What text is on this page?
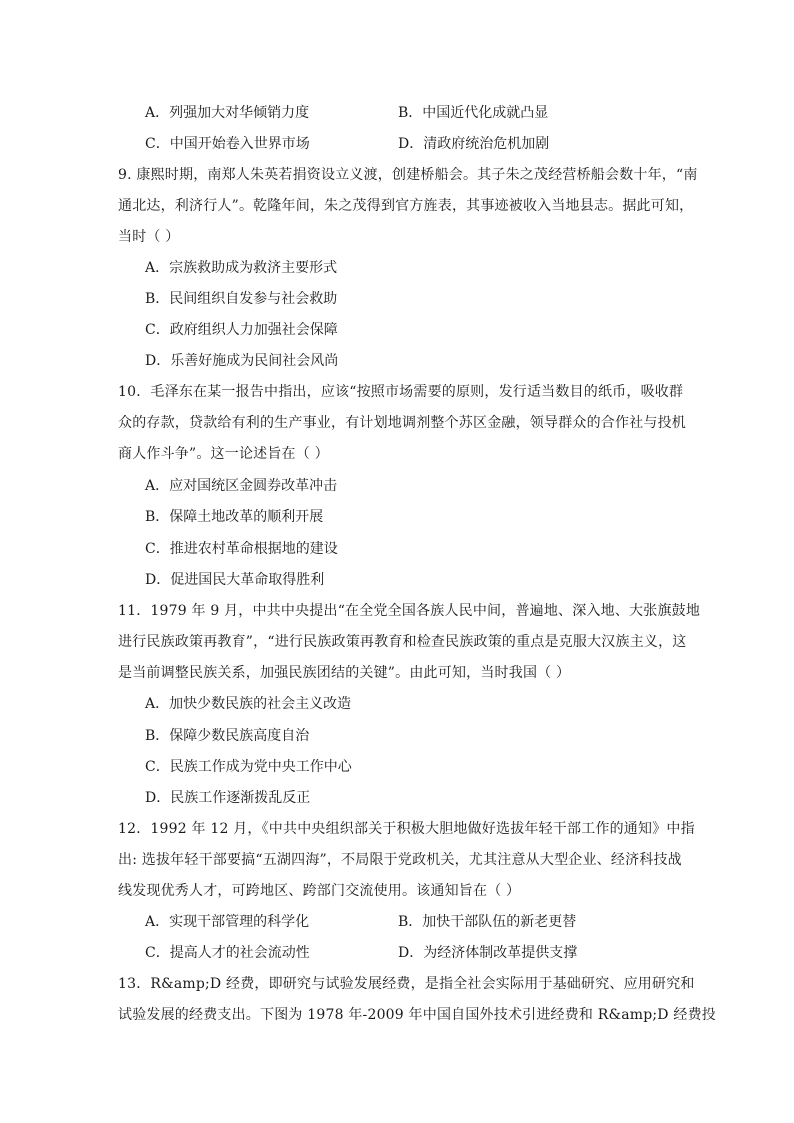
A．列强加大对华倾销力度	B．中国近代化成就凸显
C．中国开始卷入世界市场	D．清政府统治危机加剧
9. 康熙时期，南郑人朱英若捐资设立义渡，创建桥船会。其子朱之茂经营桥船会数十年，“南
通北达，利济行人”。乾隆年间，朱之茂得到官方旌表，其事迹被收入当地县志。据此可知，
当时（ ）
A．宗族救助成为救济主要形式
B．民间组织自发参与社会救助
C．政府组织人力加强社会保障
D．乐善好施成为民间社会风尚
10．毛泽东在某一报告中指出，应该“按照市场需要的原则，发行适当数目的纸币，吸收群
众的存款，贷款给有利的生产事业，有计划地调剂整个苏区金融，领导群众的合作社与投机
商人作斗争”。这一论述旨在（ ）
A．应对国统区金圆券改革冲击
B．保障土地改革的顺利开展
C．推进农村革命根据地的建设
D．促进国民大革命取得胜利
11．1979 年 9 月，中共中央提出“在全党全国各族人民中间，普遍地、深入地、大张旗鼓地
进行民族政策再教育”，“进行民族政策再教育和检查民族政策的重点是克服大汉族主义，这
是当前调整民族关系，加强民族团结的关键”。由此可知，当时我国（ ）
A．加快少数民族的社会主义改造
B．保障少数民族高度自治
C．民族工作成为党中央工作中心
D．民族工作逐渐拨乱反正
12．1992 年 12 月，《中共中央组织部关于积极大胆地做好选拔年轻干部工作的通知》中指
出: 选拔年轻干部要搞“五湖四海”，不局限于党政机关，尤其注意从大型企业、经济科技战
线发现优秀人才，可跨地区、跨部门交流使用。该通知旨在（ ）
A．实现干部管理的科学化	B．加快干部队伍的新老更替
C．提高人才的社会流动性	D．为经济体制改革提供支撑
13．R&amp;D 经费，即研究与试验发展经费，是指全社会实际用于基础研究、应用研究和
试验发展的经费支出。下图为 1978 年-2009 年中国自国外技术引进经费和 R&amp;D 经费投
